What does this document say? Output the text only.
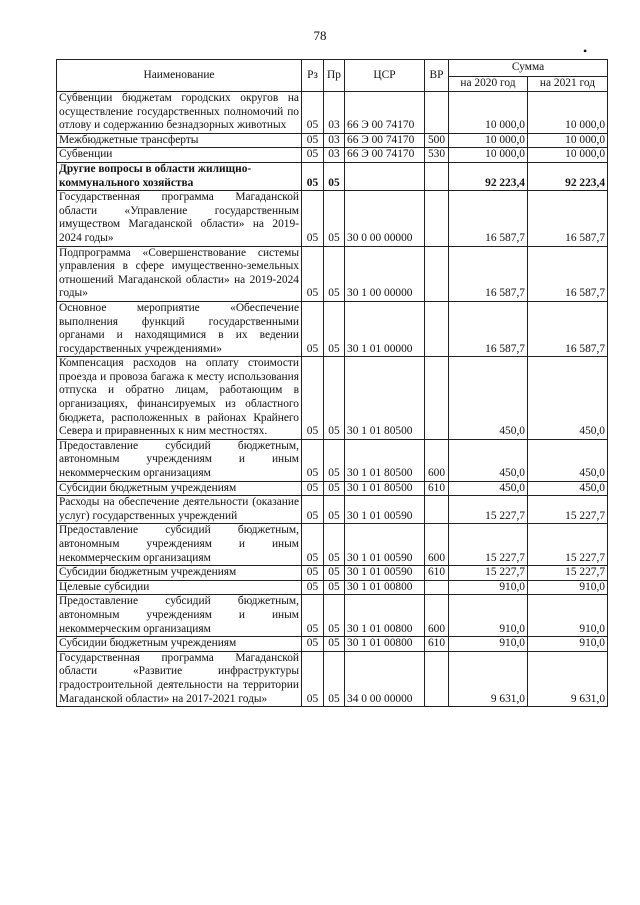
78
•
Наименование	Рз	Пр	ЦСР	ВР	Сумма	
					на 2020 год	на 2021 год
Субвенции бюджетам городских округов на осуществление государственных полномочий по отлову и содержанию безнадзорных животных	05	03	66 Э 00 74170		10 000,0	10 000,0
Межбюджетные трансферты	05	03	66 Э 00 74170	500	10 000,0	10 000,0
Субвенции	05	03	66 Э 00 74170	530	10 000,0	10 000,0
Другие вопросы в области жилищно-коммунального хозяйства	05	05			92 223,4	92 223,4
Государственная программа Магаданской области «Управление государственным имуществом Магаданской области» на 2019-2024 годы»	05	05	30 0 00 00000		16 587,7	16 587,7
Подпрограмма «Совершенствование системы управления в сфере имущественно-земельных отношений Магаданской области» на 2019-2024 годы»	05	05	30 1 00 00000		16 587,7	16 587,7
Основное мероприятие «Обеспечение выполнения функций государственными органами и находящимися в их ведении государственных учреждениями»	05	05	30 1 01 00000		16 587,7	16 587,7
Компенсация расходов на оплату стоимости проезда и провоза багажа к месту использования отпуска и обратно лицам, работающим в организациях, финансируемых из областного бюджета, расположенных в районах Крайнего Севера и приравненных к ним местностях.	05	05	30 1 01 80500		450,0	450,0
Предоставление субсидий бюджетным, автономным учреждениям и иным некоммерческим организациям	05	05	30 1 01 80500	600	450,0	450,0
Субсидии бюджетным учреждениям	05	05	30 1 01 80500	610	450,0	450,0
Расходы на обеспечение деятельности (оказание услуг) государственных учреждений	05	05	30 1 01 00590		15 227,7	15 227,7
Предоставление субсидий бюджетным, автономным учреждениям и иным некоммерческим организациям	05	05	30 1 01 00590	600	15 227,7	15 227,7
Субсидии бюджетным учреждениям	05	05	30 1 01 00590	610	15 227,7	15 227,7
Целевые субсидии	05	05	30 1 01 00800		910,0	910,0
Предоставление субсидий бюджетным, автономным учреждениям и иным некоммерческим организациям	05	05	30 1 01 00800	600	910,0	910,0
Субсидии бюджетным учреждениям	05	05	30 1 01 00800	610	910,0	910,0
Государственная программа Магаданской области «Развитие инфраструктуры градостроительной деятельности на территории Магаданской области» на 2017-2021 годы»	05	05	34 0 00 00000		9 631,0	9 631,0
